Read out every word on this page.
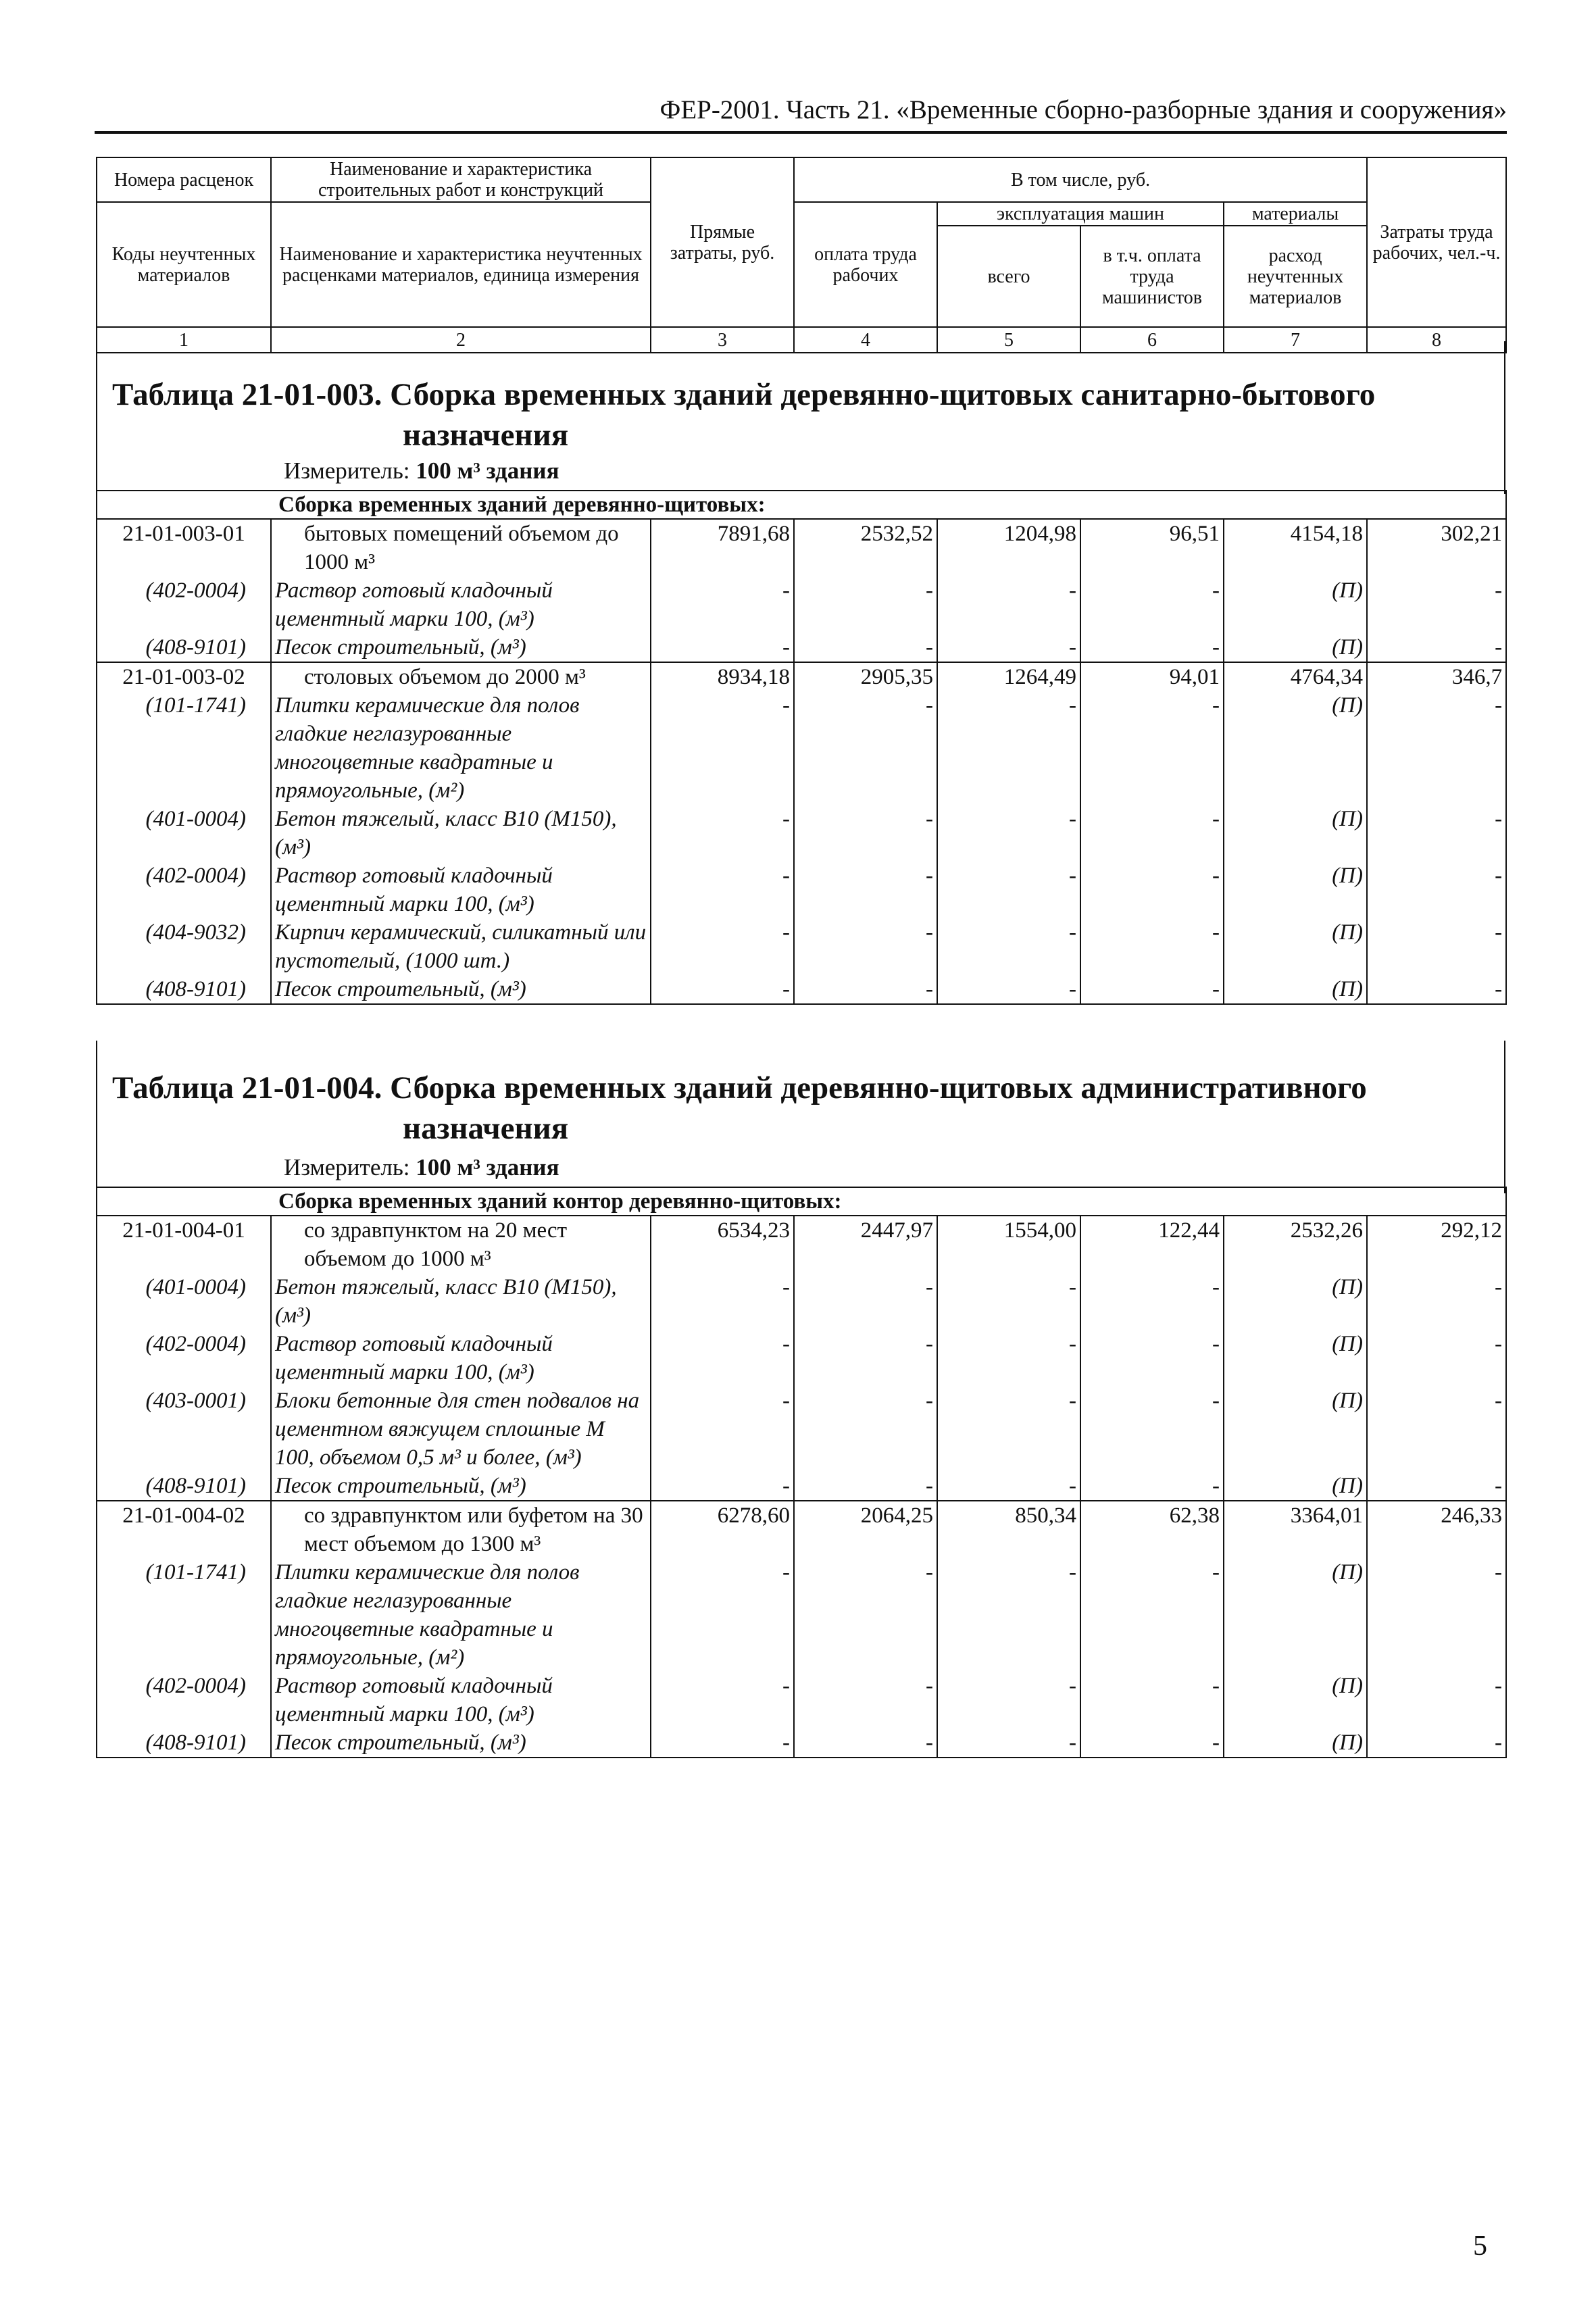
ФЕР-2001. Часть 21. «Временные сборно-разборные здания и сооружения»
Номера расценок	Наименование и характеристика строительных работ и конструкций	Прямые затраты, руб.	В том числе, руб.				Затраты труда рабочих, чел.-ч.
Коды неучтенных материалов	Наименование и характеристика неучтенных расценками материалов, единица измерения		оплата труда рабочих	эксплуатация машин		материалы	
				всего	в т.ч. оплата труда машинистов	расход неучтенных материалов	

1	2	3	4	5	6	7	8
Таблица 21-01-003. Сборка временных зданий деревянно-щитовых санитарно-бытового
назначения
Измеритель: 100 м³ здания
Сборка временных зданий деревянно-щитовых:							
21-01-003-01	бытовых помещений объемом до 1000 м³	7891,68	2532,52	1204,98	96,51	4154,18	302,21
(402-0004)	Раствор готовый кладочный цементный марки 100, (м³)	-	-	-	-	(П)	-
(408-9101)	Песок строительный, (м³)	-	-	-	-	(П)	-
21-01-003-02	столовых объемом до 2000 м³	8934,18	2905,35	1264,49	94,01	4764,34	346,7
(101-1741)	Плитки керамические для полов гладкие неглазурованные многоцветные квадратные и прямоугольные, (м²)	-	-	-	-	(П)	-
(401-0004)	Бетон тяжелый, класс В10 (М150), (м³)	-	-	-	-	(П)	-
(402-0004)	Раствор готовый кладочный цементный марки 100, (м³)	-	-	-	-	(П)	-
(404-9032)	Кирпич керамический, силикатный или пустотелый, (1000 шт.)	-	-	-	-	(П)	-
(408-9101)	Песок строительный, (м³)	-	-	-	-	(П)	-
Таблица 21-01-004. Сборка временных зданий деревянно-щитовых административного
назначения
Измеритель: 100 м³ здания
Сборка временных зданий контор деревянно-щитовых:							
21-01-004-01	со здравпунктом на 20 мест объемом до 1000 м³	6534,23	2447,97	1554,00	122,44	2532,26	292,12
(401-0004)	Бетон тяжелый, класс В10 (М150), (м³)	-	-	-	-	(П)	-
(402-0004)	Раствор готовый кладочный цементный марки 100, (м³)	-	-	-	-	(П)	-
(403-0001)	Блоки бетонные для стен подвалов на цементном вяжущем сплошные М 100, объемом 0,5 м³ и более, (м³)	-	-	-	-	(П)	-
(408-9101)	Песок строительный, (м³)	-	-	-	-	(П)	-
21-01-004-02	со здравпунктом или буфетом на 30 мест объемом до 1300 м³	6278,60	2064,25	850,34	62,38	3364,01	246,33
(101-1741)	Плитки керамические для полов гладкие неглазурованные многоцветные квадратные и прямоугольные, (м²)	-	-	-	-	(П)	-
(402-0004)	Раствор готовый кладочный цементный марки 100, (м³)	-	-	-	-	(П)	-
(408-9101)	Песок строительный, (м³)	-	-	-	-	(П)	-
5
